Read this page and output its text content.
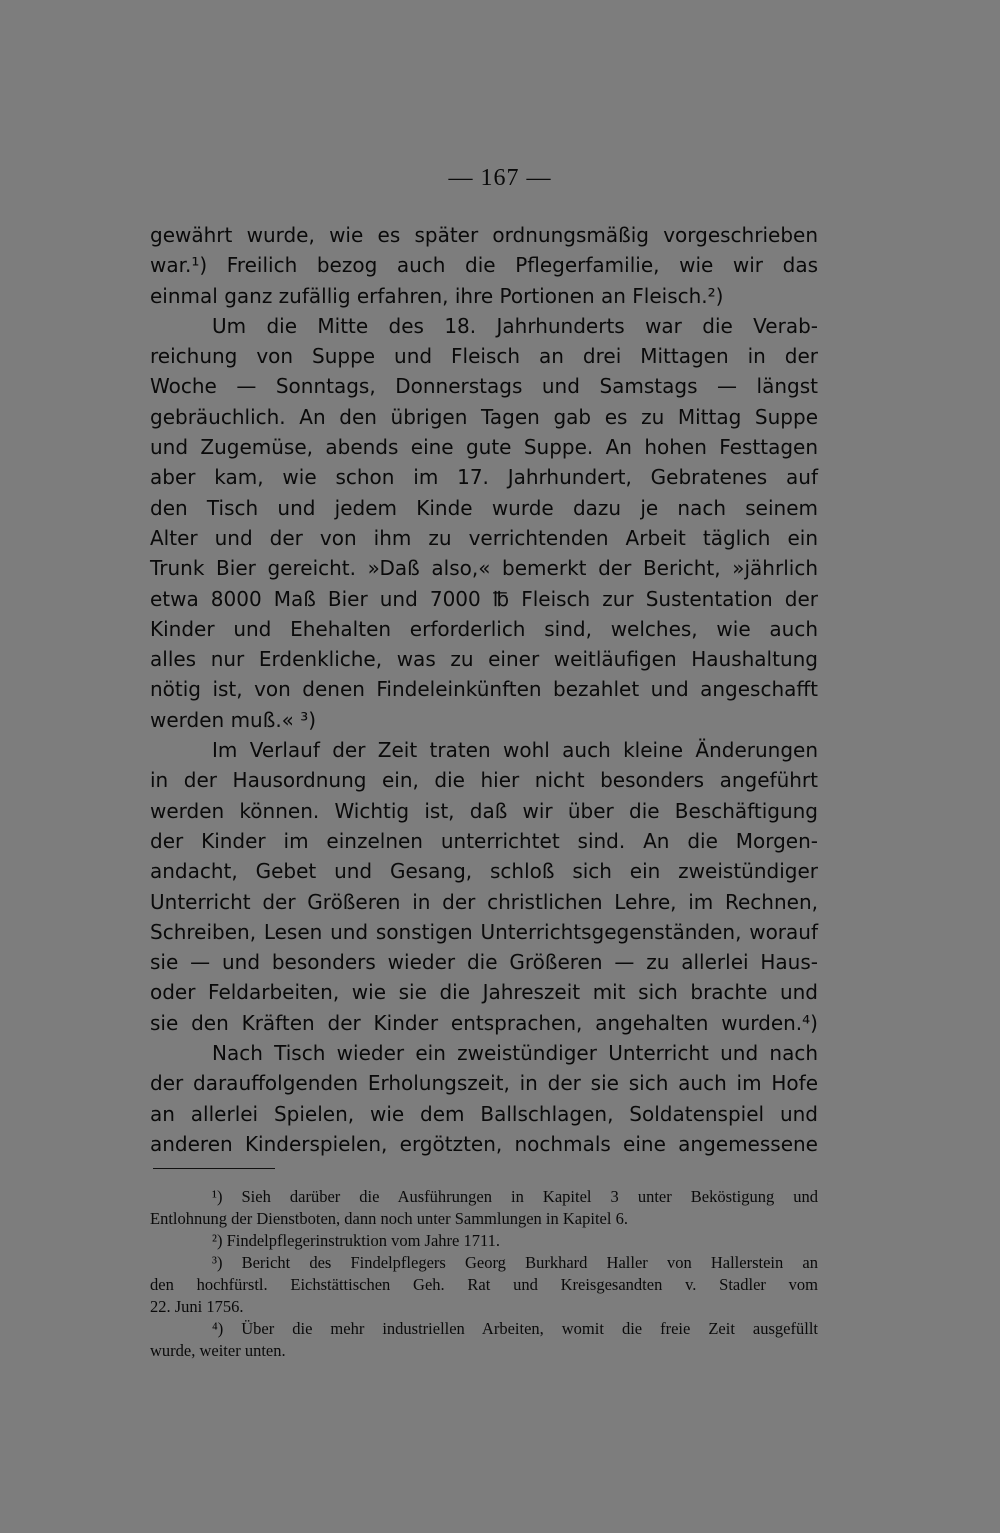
— 167 —
gewährt wurde, wie es später ordnungsmäßig vorgeschrieben
war.¹) Freilich bezog auch die Pflegerfamilie, wie wir das
einmal ganz zufällig erfahren, ihre Portionen an Fleisch.²)
Um die Mitte des 18. Jahrhunderts war die Verab-
reichung von Suppe und Fleisch an drei Mittagen in der
Woche — Sonntags, Donnerstags und Samstags — längst
gebräuchlich. An den übrigen Tagen gab es zu Mittag Suppe
und Zugemüse, abends eine gute Suppe. An hohen Festtagen
aber kam, wie schon im 17. Jahrhundert, Gebratenes auf
den Tisch und jedem Kinde wurde dazu je nach seinem
Alter und der von ihm zu verrichtenden Arbeit täglich ein
Trunk Bier gereicht. »Daß also,« bemerkt der Bericht, »jährlich
etwa 8000 Maß Bier und 7000 ℔ Fleisch zur Sustentation der
Kinder und Ehehalten erforderlich sind, welches, wie auch
alles nur Erdenkliche, was zu einer weitläufigen Haushaltung
nötig ist, von denen Findeleinkünften bezahlet und angeschafft
werden muß.« ³)
Im Verlauf der Zeit traten wohl auch kleine Änderungen
in der Hausordnung ein, die hier nicht besonders angeführt
werden können. Wichtig ist, daß wir über die Beschäftigung
der Kinder im einzelnen unterrichtet sind. An die Morgen-
andacht, Gebet und Gesang, schloß sich ein zweistündiger
Unterricht der Größeren in der christlichen Lehre, im Rechnen,
Schreiben, Lesen und sonstigen Unterrichtsgegenständen, worauf
sie — und besonders wieder die Größeren — zu allerlei Haus-
oder Feldarbeiten, wie sie die Jahreszeit mit sich brachte und
sie den Kräften der Kinder entsprachen, angehalten wurden.⁴)
Nach Tisch wieder ein zweistündiger Unterricht und nach
der darauffolgenden Erholungszeit, in der sie sich auch im Hofe
an allerlei Spielen, wie dem Ballschlagen, Soldatenspiel und
anderen Kinderspielen, ergötzten, nochmals eine angemessene
¹) Sieh darüber die Ausführungen in Kapitel 3 unter Beköstigung und
Entlohnung der Dienstboten, dann noch unter Sammlungen in Kapitel 6.
²) Findelpflegerinstruktion vom Jahre 1711.
³) Bericht des Findelpflegers Georg Burkhard Haller von Hallerstein an
den hochfürstl. Eichstättischen Geh. Rat und Kreisgesandten v. Stadler vom
22. Juni 1756.
⁴) Über die mehr industriellen Arbeiten, womit die freie Zeit ausgefüllt
wurde, weiter unten.
